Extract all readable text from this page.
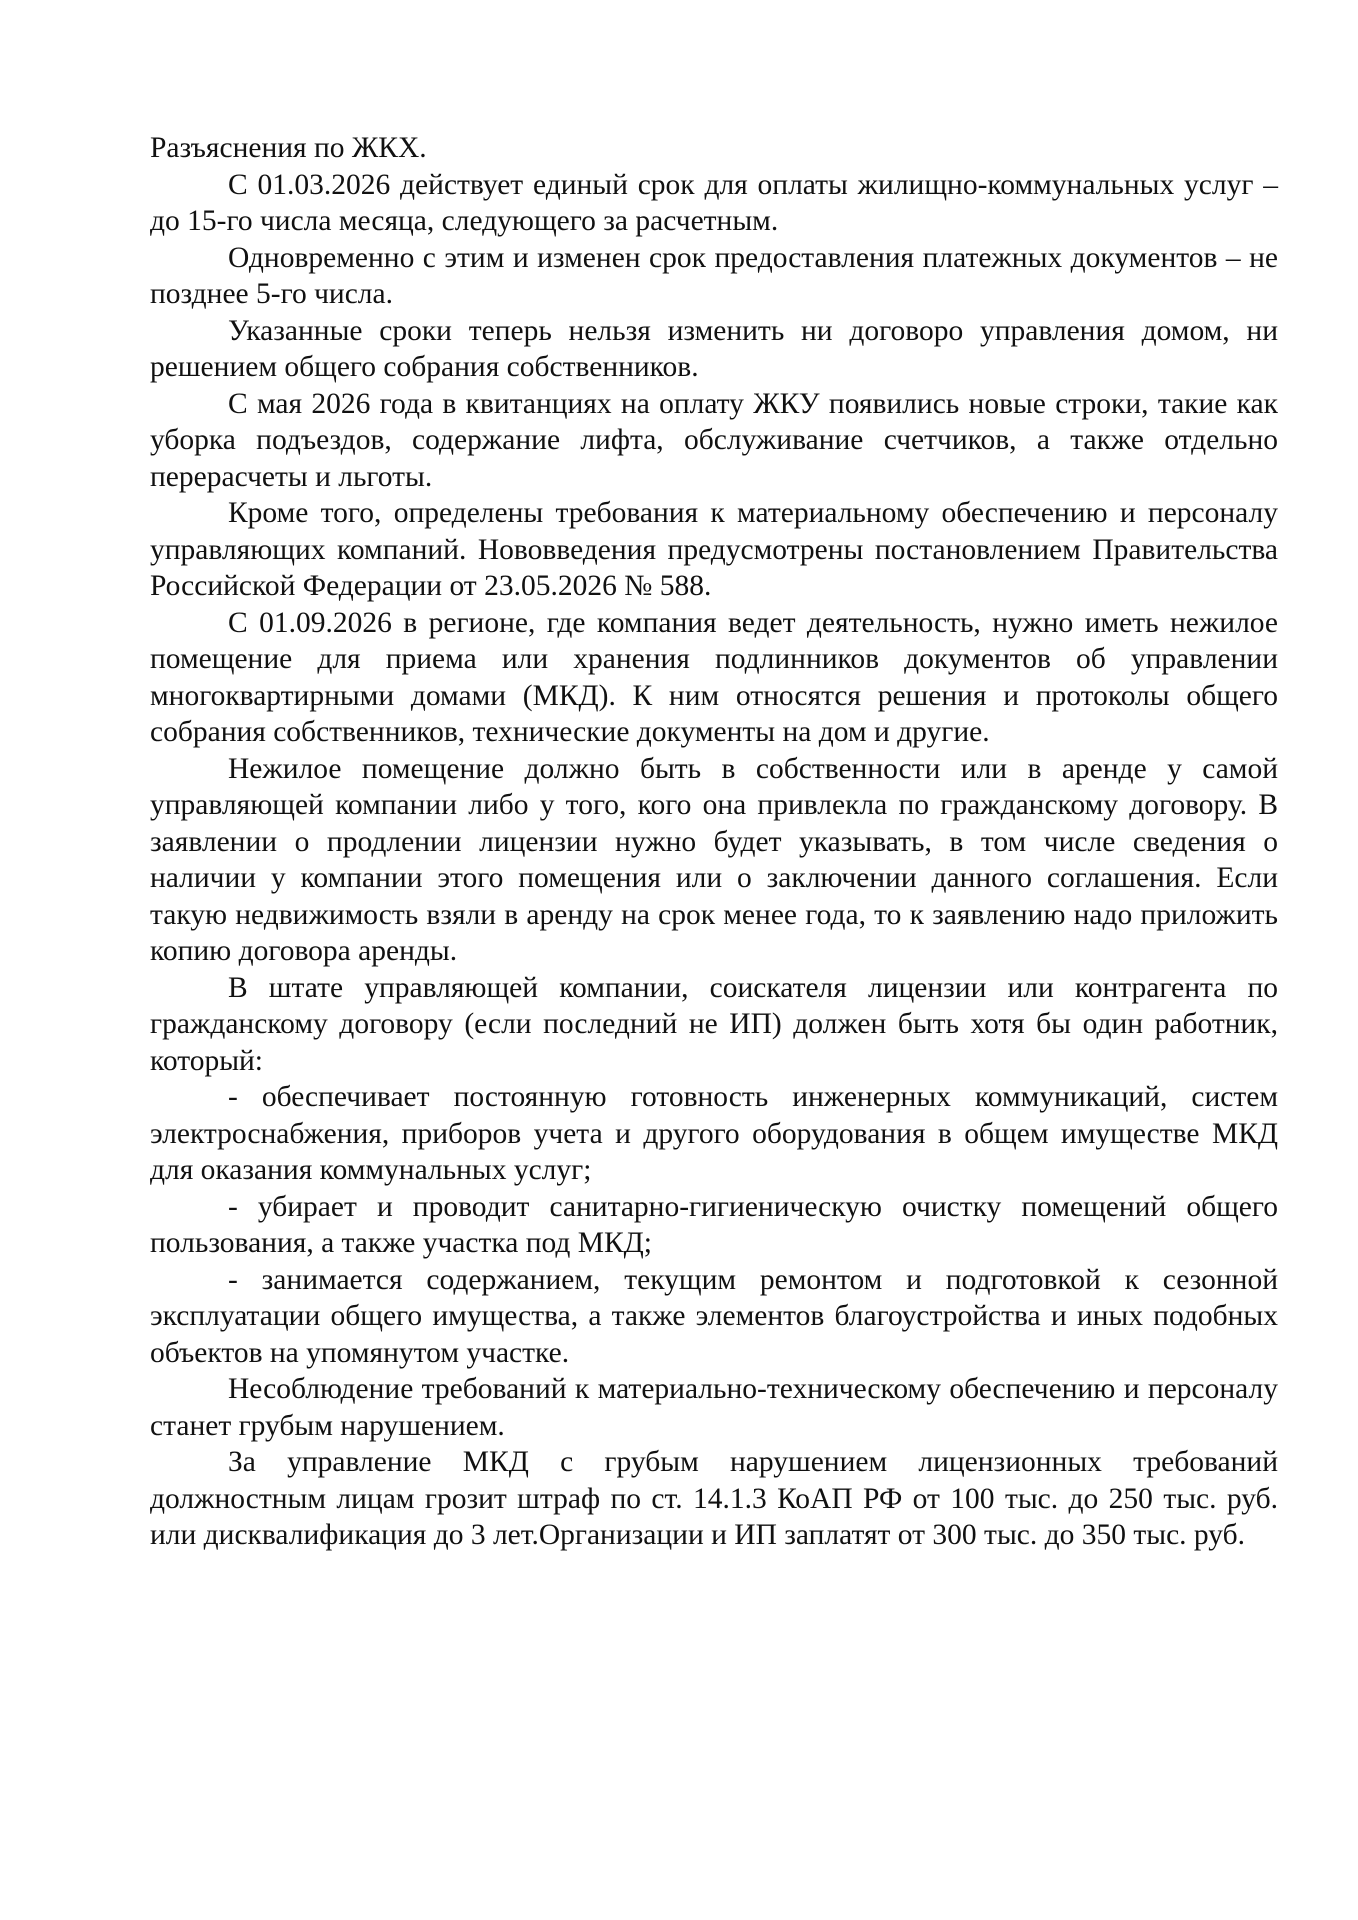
Разъяснения по ЖКХ.

С 01.03.2026 действует единый срок для оплаты жилищно-коммунальных услуг – до 15-го числа месяца, следующего за расчетным.

Одновременно с этим и изменен срок предоставления платежных документов – не позднее 5-го числа.

Указанные сроки теперь нельзя изменить ни договоро управления домом, ни решением общего собрания собственников.

С мая 2026 года в квитанциях на оплату ЖКУ появились новые строки, такие как уборка подъездов, содержание лифта, обслуживание счетчиков, а также отдельно перерасчеты и льготы.

Кроме того, определены требования к материальному обеспечению и персоналу управляющих компаний. Нововведения предусмотрены постановлением Правительства Российской Федерации от 23.05.2026 № 588.

С 01.09.2026 в регионе, где компания ведет деятельность, нужно иметь нежилое помещение для приема или хранения подлинников документов об управлении многоквартирными домами (МКД). К ним относятся решения и протоколы общего собрания собственников, технические документы на дом и другие.

Нежилое помещение должно быть в собственности или в аренде у самой управляющей компании либо у того, кого она привлекла по гражданскому договору. В заявлении о продлении лицензии нужно будет указывать, в том числе сведения о наличии у компании этого помещения или о заключении данного соглашения. Если такую недвижимость взяли в аренду на срок менее года, то к заявлению надо приложить копию договора аренды.

В штате управляющей компании, соискателя лицензии или контрагента по гражданскому договору (если последний не ИП) должен быть хотя бы один работник, который:

- обеспечивает постоянную готовность инженерных коммуникаций, систем электроснабжения, приборов учета и другого оборудования в общем имуществе МКД для оказания коммунальных услуг;

- убирает и проводит санитарно-гигиеническую очистку помещений общего пользования, а также участка под МКД;

- занимается содержанием, текущим ремонтом и подготовкой к сезонной эксплуатации общего имущества, а также элементов благоустройства и иных подобных объектов на упомянутом участке.

Несоблюдение требований к материально-техническому обеспечению и персоналу станет грубым нарушением.

За управление МКД с грубым нарушением лицензионных требований должностным лицам грозит штраф по ст. 14.1.3 КоАП РФ от 100 тыс. до 250 тыс. руб. или дисквалификация до 3 лет.Организации и ИП заплатят от 300 тыс. до 350 тыс. руб.
